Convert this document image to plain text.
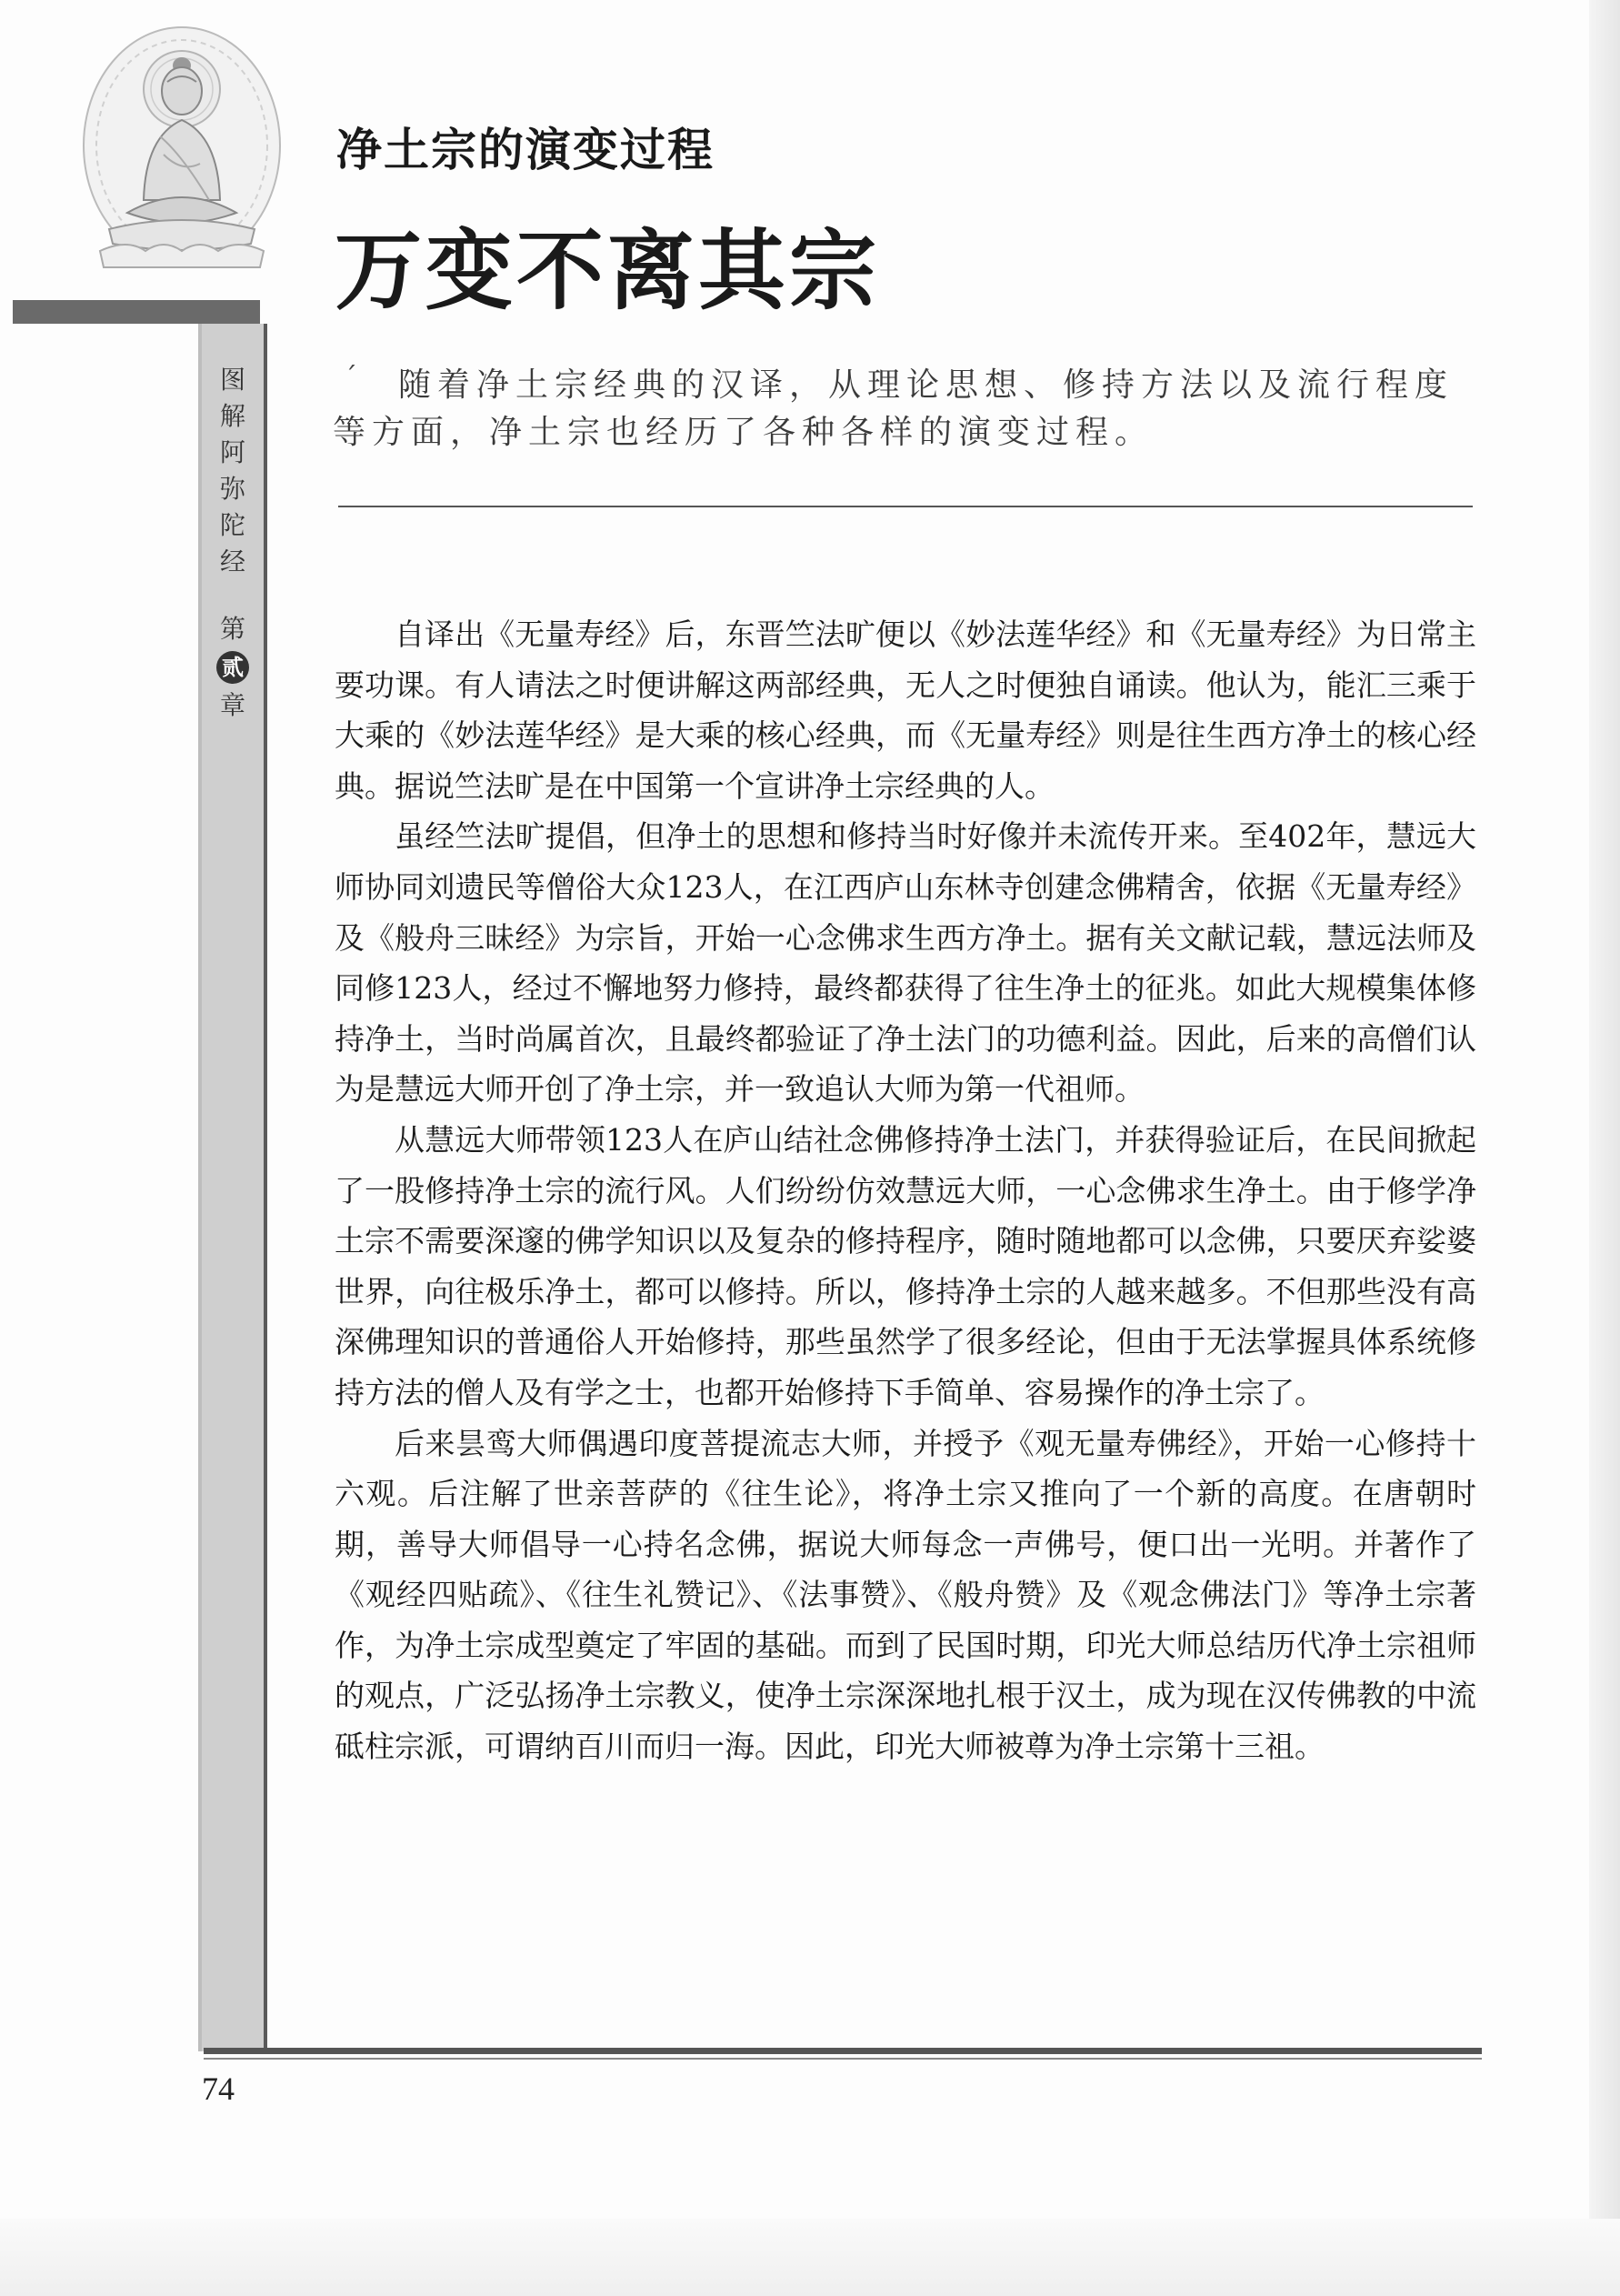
净土宗的演变过程
万变不离其宗
图
解
阿
弥
陀
经
第
贰
章
ˊ	随着净土宗经典的汉译，从理论思想、修持方法以及流行程度等方面，净土宗也经历了各种各样的演变过程。

自译出《无量寿经》后，东晋竺法旷便以《妙法莲华经》和《无量寿经》为日常主要功课。有人请法之时便讲解这两部经典，无人之时便独自诵读。他认为，能汇三乘于大乘的《妙法莲华经》是大乘的核心经典，而《无量寿经》则是往生西方净土的核心经典。据说竺法旷是在中国第一个宣讲净土宗经典的人。

虽经竺法旷提倡，但净土的思想和修持当时好像并未流传开来。至402年，慧远大师协同刘遗民等僧俗大众123人，在江西庐山东林寺创建念佛精舍，依据《无量寿经》及《般舟三昧经》为宗旨，开始一心念佛求生西方净土。据有关文献记载，慧远法师及同修123人，经过不懈地努力修持，最终都获得了往生净土的征兆。如此大规模集体修持净土，当时尚属首次，且最终都验证了净土法门的功德利益。因此，后来的高僧们认为是慧远大师开创了净土宗，并一致追认大师为第一代祖师。

从慧远大师带领123人在庐山结社念佛修持净土法门，并获得验证后，在民间掀起了一股修持净土宗的流行风。人们纷纷仿效慧远大师，一心念佛求生净土。由于修学净土宗不需要深邃的佛学知识以及复杂的修持程序，随时随地都可以念佛，只要厌弃娑婆世界，向往极乐净土，都可以修持。所以，修持净土宗的人越来越多。不但那些没有高深佛理知识的普通俗人开始修持，那些虽然学了很多经论，但由于无法掌握具体系统修持方法的僧人及有学之士，也都开始修持下手简单、容易操作的净土宗了。

后来昙鸾大师偶遇印度菩提流志大师，并授予《观无量寿佛经》，开始一心修持十六观。后注解了世亲菩萨的《往生论》，将净土宗又推向了一个新的高度。在唐朝时期，善导大师倡导一心持名念佛，据说大师每念一声佛号，便口出一光明。并著作了《观经四贴疏》、《往生礼赞记》、《法事赞》、《般舟赞》及《观念佛法门》等净土宗著作，为净土宗成型奠定了牢固的基础。而到了民国时期，印光大师总结历代净土宗祖师的观点，广泛弘扬净土宗教义，使净土宗深深地扎根于汉土，成为现在汉传佛教的中流砥柱宗派，可谓纳百川而归一海。因此，印光大师被尊为净土宗第十三祖。

74
